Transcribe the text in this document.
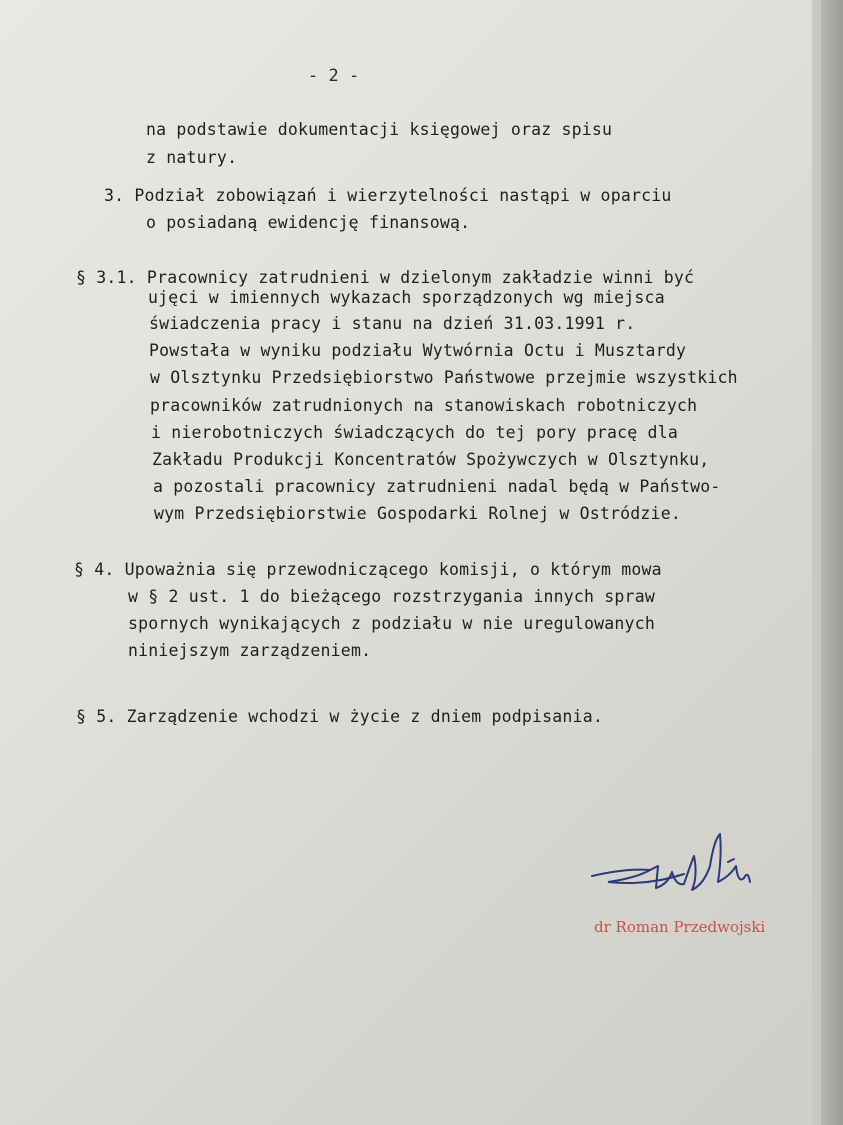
- 2 -
na podstawie dokumentacji księgowej oraz spisu
z natury.
3. Podział zobowiązań i wierzytelności nastąpi w oparciu
o posiadaną ewidencję finansową.
§ 3.1. Pracownicy zatrudnieni w dzielonym zakładzie winni być
ujęci w imiennych wykazach sporządzonych wg miejsca
świadczenia pracy i stanu na dzień 31.03.1991 r.
Powstała w wyniku podziału Wytwórnia Octu i Musztardy
w Olsztynku Przedsiębiorstwo Państwowe przejmie wszystkich
pracowników zatrudnionych na stanowiskach robotniczych
i nierobotniczych świadczących do tej pory pracę dla
Zakładu Produkcji Koncentratów Spożywczych w Olsztynku,
a pozostali pracownicy zatrudnieni nadal będą w Państwo-
wym Przedsiębiorstwie Gospodarki Rolnej w Ostródzie.
§ 4. Upoważnia się przewodniczącego komisji, o którym mowa
w § 2 ust. 1 do bieżącego rozstrzygania innych spraw
spornych wynikających z podziału w nie uregulowanych
niniejszym zarządzeniem.
§ 5. Zarządzenie wchodzi w życie z dniem podpisania.
dr Roman Przedwojski
